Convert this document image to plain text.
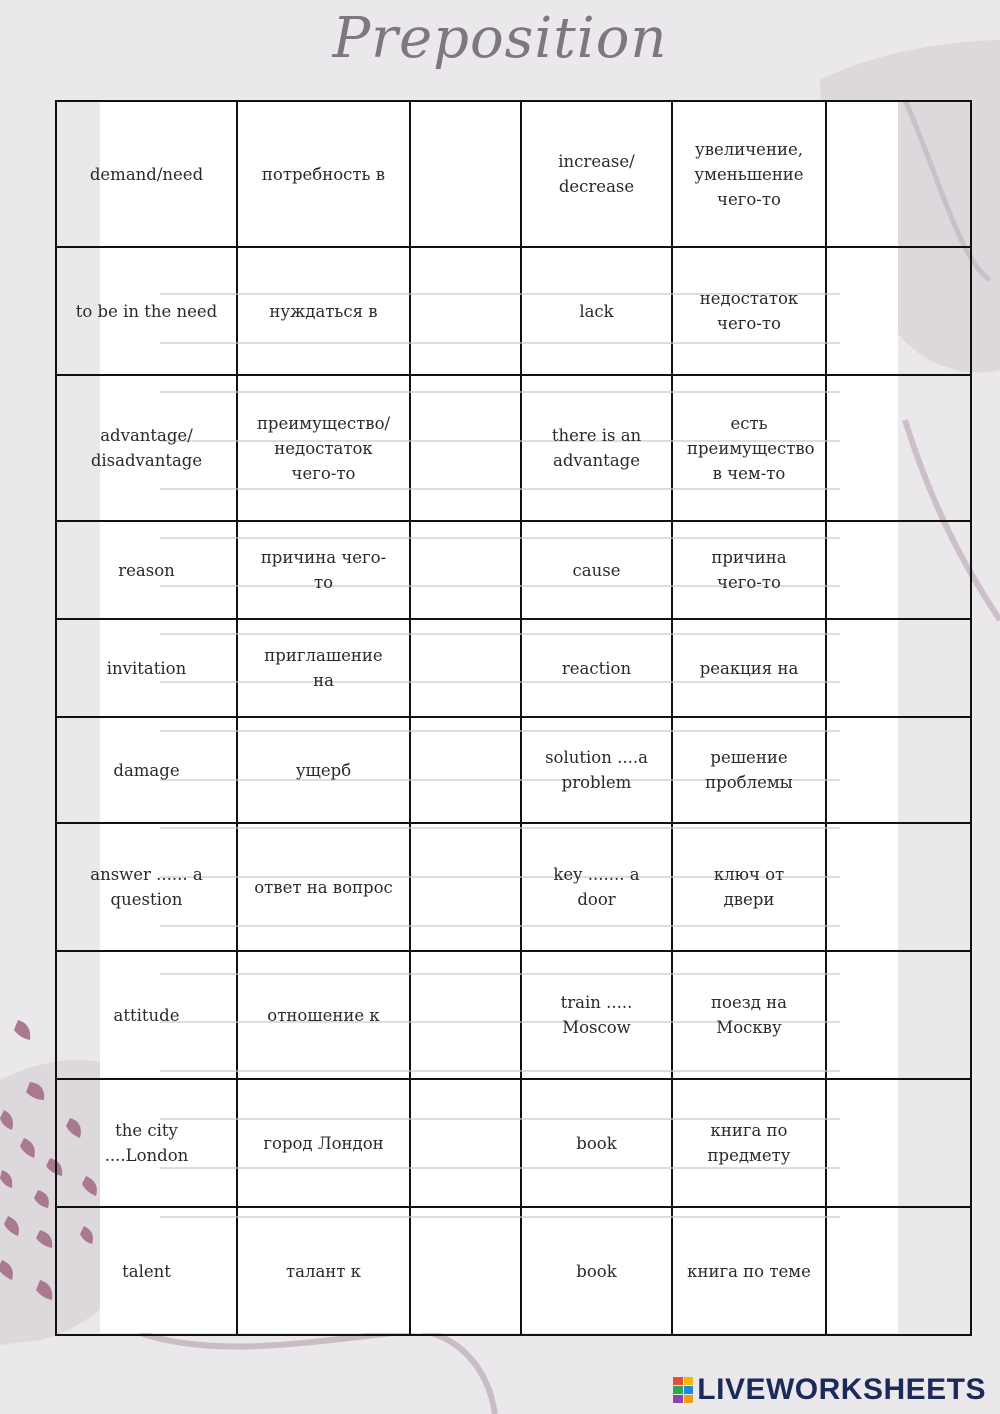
Preposition
demand/need	потребность в		increase/ decrease	увеличение, уменьшение чего-то	
to be in the need	нуждаться в		lack	недостаток чего-то	
advantage/ disadvantage	преимущество/ недостаток чего-то		there is an advantage	есть преимущество в чем-то	
reason	причина чего-то		cause	причина чего-то	
invitation	приглашение на		reaction	реакция на	
damage	ущерб		solution ....a problem	решение проблемы	
answer ...... a question	ответ на вопрос		key ....... a door	ключ от двери	
attitude	отношение к		train ..... Moscow	поезд на Москву	
the city ....London	город Лондон		book	книга по предмету	
talent	талант к		book	книга по теме	
LIVEWORKSHEETS
